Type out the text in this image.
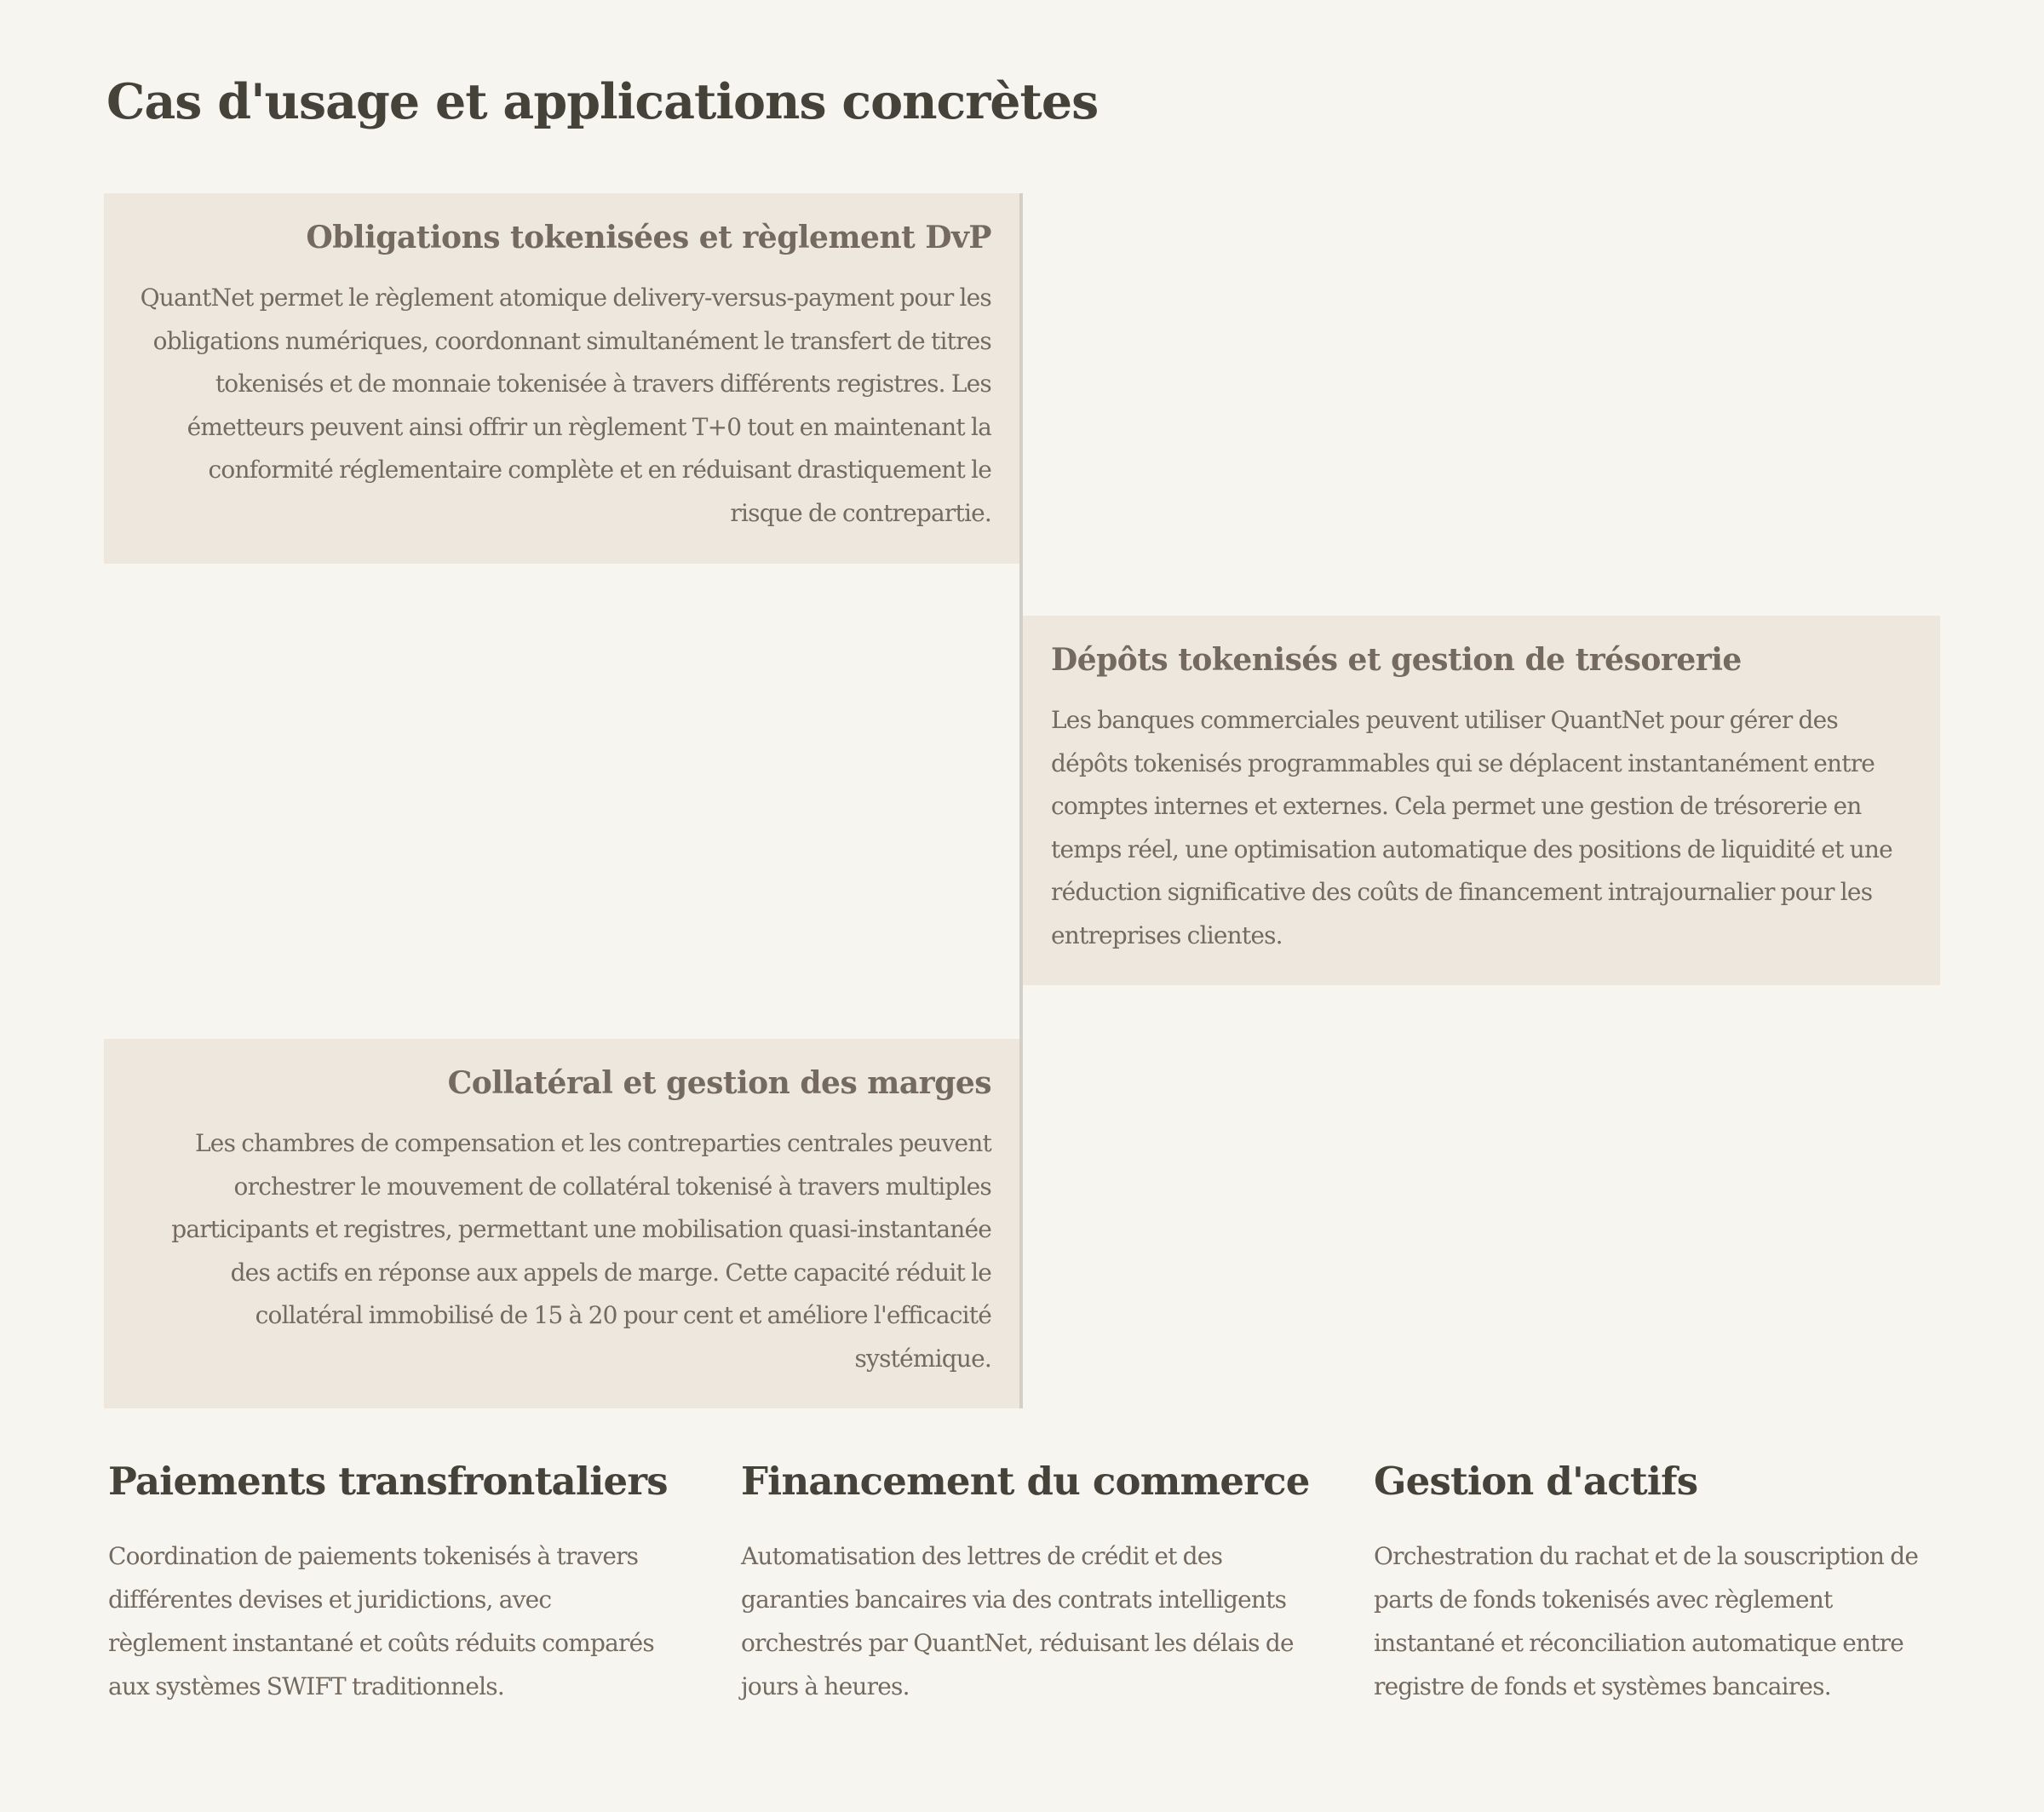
Cas d'usage et applications concrètes
Obligations tokenisées et règlement DvP

QuantNet permet le règlement atomique delivery-versus-payment pour les obligations numériques, coordonnant simultanément le transfert de titres tokenisés et de monnaie tokenisée à travers différents registres. Les émetteurs peuvent ainsi offrir un règlement T+0 tout en maintenant la conformité réglementaire complète et en réduisant drastiquement le risque de contrepartie.

Dépôts tokenisés et gestion de trésorerie

Les banques commerciales peuvent utiliser QuantNet pour gérer des dépôts tokenisés programmables qui se déplacent instantanément entre comptes internes et externes. Cela permet une gestion de trésorerie en temps réel, une optimisation automatique des positions de liquidité et une réduction significative des coûts de financement intrajournalier pour les entreprises clientes.

Collatéral et gestion des marges

Les chambres de compensation et les contreparties centrales peuvent orchestrer le mouvement de collatéral tokenisé à travers multiples participants et registres, permettant une mobilisation quasi-instantanée des actifs en réponse aux appels de marge. Cette capacité réduit le collatéral immobilisé de 15 à 20 pour cent et améliore l'efficacité systémique.

Paiements transfrontaliers

Coordination de paiements tokenisés à travers différentes devises et juridictions, avec règlement instantané et coûts réduits comparés aux systèmes SWIFT traditionnels.

Financement du commerce

Automatisation des lettres de crédit et des garanties bancaires via des contrats intelligents orchestrés par QuantNet, réduisant les délais de jours à heures.

Gestion d'actifs

Orchestration du rachat et de la souscription de parts de fonds tokenisés avec règlement instantané et réconciliation automatique entre registre de fonds et systèmes bancaires.
